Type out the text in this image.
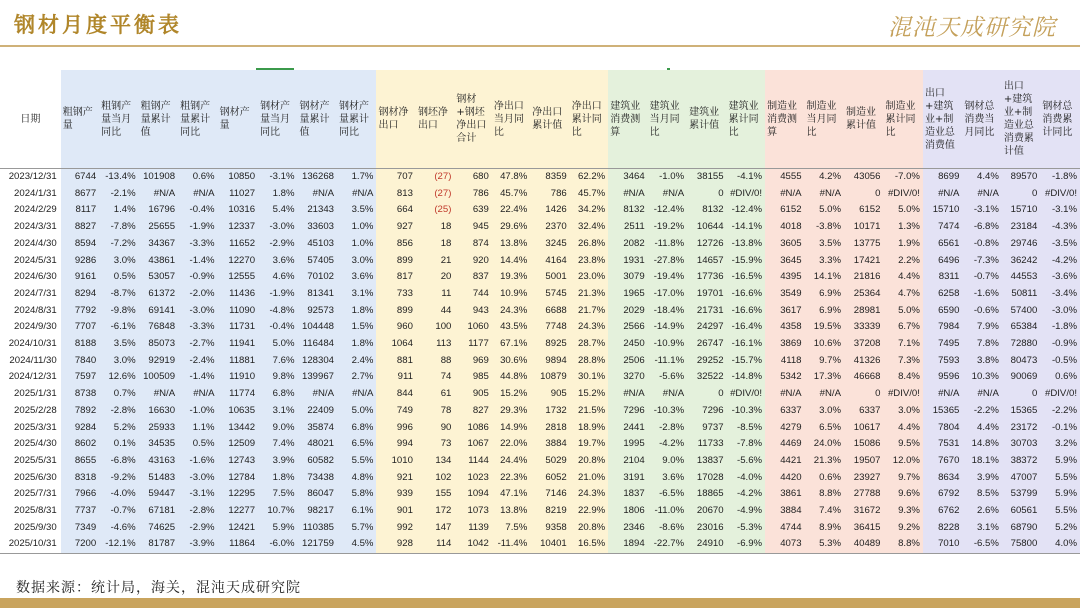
钢材月度平衡表	混沌天成研究院
日期	粗钢产量	粗钢产量当月同比	粗钢产量累计值	粗钢产量累计同比	钢材产量	钢材产量当月同比	钢材产量累计值	钢材产量累计同比	钢材净出口	钢坯净出口	钢材+钢坯净出口合计	净出口当月同比	净出口累计值	净出口累计同比	建筑业消费测算	建筑业当月同比	建筑业累计值	建筑业累计同比	制造业消费测算	制造业当月同比	制造业累计值	制造业累计同比	出口+建筑业+制造业总消费值	钢材总消费当月同比	出口+建筑业+制造业总消费累计值	钢材总消费累计同比
2023/12/31	6744	-13.4%	101908	0.6%	10850	-3.1%	136268	1.7%	707	(27)	680	47.8%	8359	62.2%	3464	-1.0%	38155	-4.1%	4555	4.2%	43056	-7.0%	8699	4.4%	89570	-1.8%
2024/1/31	8677	-2.1%	#N/A	#N/A	11027	1.8%	#N/A	#N/A	813	(27)	786	45.7%	786	45.7%	#N/A	#N/A	0	#DIV/0!	#N/A	#N/A	0	#DIV/0!	#N/A	#N/A	0	#DIV/0!
2024/2/29	8117	1.4%	16796	-0.4%	10316	5.4%	21343	3.5%	664	(25)	639	22.4%	1426	34.2%	8132	-12.4%	8132	-12.4%	6152	5.0%	6152	5.0%	15710	-3.1%	15710	-3.1%
2024/3/31	8827	-7.8%	25655	-1.9%	12337	-3.0%	33603	1.0%	927	18	945	29.6%	2370	32.4%	2511	-19.2%	10644	-14.1%	4018	-3.8%	10171	1.3%	7474	-6.8%	23184	-4.3%
2024/4/30	8594	-7.2%	34367	-3.3%	11652	-2.9%	45103	1.0%	856	18	874	13.8%	3245	26.8%	2082	-11.8%	12726	-13.8%	3605	3.5%	13775	1.9%	6561	-0.8%	29746	-3.5%
2024/5/31	9286	3.0%	43861	-1.4%	12270	3.6%	57405	3.0%	899	21	920	14.4%	4164	23.8%	1931	-27.8%	14657	-15.9%	3645	3.3%	17421	2.2%	6496	-7.3%	36242	-4.2%
2024/6/30	9161	0.5%	53057	-0.9%	12555	4.6%	70102	3.6%	817	20	837	19.3%	5001	23.0%	3079	-19.4%	17736	-16.5%	4395	14.1%	21816	4.4%	8311	-0.7%	44553	-3.6%
2024/7/31	8294	-8.7%	61372	-2.0%	11436	-1.9%	81341	3.1%	733	11	744	10.9%	5745	21.3%	1965	-17.0%	19701	-16.6%	3549	6.9%	25364	4.7%	6258	-1.6%	50811	-3.4%
2024/8/31	7792	-9.8%	69141	-3.0%	11090	-4.8%	92573	1.8%	899	44	943	24.3%	6688	21.7%	2029	-18.4%	21731	-16.6%	3617	6.9%	28981	5.0%	6590	-0.6%	57400	-3.0%
2024/9/30	7707	-6.1%	76848	-3.3%	11731	-0.4%	104448	1.5%	960	100	1060	43.5%	7748	24.3%	2566	-14.9%	24297	-16.4%	4358	19.5%	33339	6.7%	7984	7.9%	65384	-1.8%
2024/10/31	8188	3.5%	85073	-2.7%	11941	5.0%	116484	1.8%	1064	113	1177	67.1%	8925	28.7%	2450	-10.9%	26747	-16.1%	3869	10.6%	37208	7.1%	7495	7.8%	72880	-0.9%
2024/11/30	7840	3.0%	92919	-2.4%	11881	7.6%	128304	2.4%	881	88	969	30.6%	9894	28.8%	2506	-11.1%	29252	-15.7%	4118	9.7%	41326	7.3%	7593	3.8%	80473	-0.5%
2024/12/31	7597	12.6%	100509	-1.4%	11910	9.8%	139967	2.7%	911	74	985	44.8%	10879	30.1%	3270	-5.6%	32522	-14.8%	5342	17.3%	46668	8.4%	9596	10.3%	90069	0.6%
2025/1/31	8738	0.7%	#N/A	#N/A	11774	6.8%	#N/A	#N/A	844	61	905	15.2%	905	15.2%	#N/A	#N/A	0	#DIV/0!	#N/A	#N/A	0	#DIV/0!	#N/A	#N/A	0	#DIV/0!
2025/2/28	7892	-2.8%	16630	-1.0%	10635	3.1%	22409	5.0%	749	78	827	29.3%	1732	21.5%	7296	-10.3%	7296	-10.3%	6337	3.0%	6337	3.0%	15365	-2.2%	15365	-2.2%
2025/3/31	9284	5.2%	25933	1.1%	13442	9.0%	35874	6.8%	996	90	1086	14.9%	2818	18.9%	2441	-2.8%	9737	-8.5%	4279	6.5%	10617	4.4%	7804	4.4%	23172	-0.1%
2025/4/30	8602	0.1%	34535	0.5%	12509	7.4%	48021	6.5%	994	73	1067	22.0%	3884	19.7%	1995	-4.2%	11733	-7.8%	4469	24.0%	15086	9.5%	7531	14.8%	30703	3.2%
2025/5/31	8655	-6.8%	43163	-1.6%	12743	3.9%	60582	5.5%	1010	134	1144	24.4%	5029	20.8%	2104	9.0%	13837	-5.6%	4421	21.3%	19507	12.0%	7670	18.1%	38372	5.9%
2025/6/30	8318	-9.2%	51483	-3.0%	12784	1.8%	73438	4.8%	921	102	1023	22.3%	6052	21.0%	3191	3.6%	17028	-4.0%	4420	0.6%	23927	9.7%	8634	3.9%	47007	5.5%
2025/7/31	7966	-4.0%	59447	-3.1%	12295	7.5%	86047	5.8%	939	155	1094	47.1%	7146	24.3%	1837	-6.5%	18865	-4.2%	3861	8.8%	27788	9.6%	6792	8.5%	53799	5.9%
2025/8/31	7737	-0.7%	67181	-2.8%	12277	10.7%	98217	6.1%	901	172	1073	13.8%	8219	22.9%	1806	-11.0%	20670	-4.9%	3884	7.4%	31672	9.3%	6762	2.6%	60561	5.5%
2025/9/30	7349	-4.6%	74625	-2.9%	12421	5.9%	110385	5.7%	992	147	1139	7.5%	9358	20.8%	2346	-8.6%	23016	-5.3%	4744	8.9%	36415	9.2%	8228	3.1%	68790	5.2%
2025/10/31	7200	-12.1%	81787	-3.9%	11864	-6.0%	121759	4.5%	928	114	1042	-11.4%	10401	16.5%	1894	-22.7%	24910	-6.9%	4073	5.3%	40489	8.8%	7010	-6.5%	75800	4.0%
数据来源：统计局，海关，混沌天成研究院
